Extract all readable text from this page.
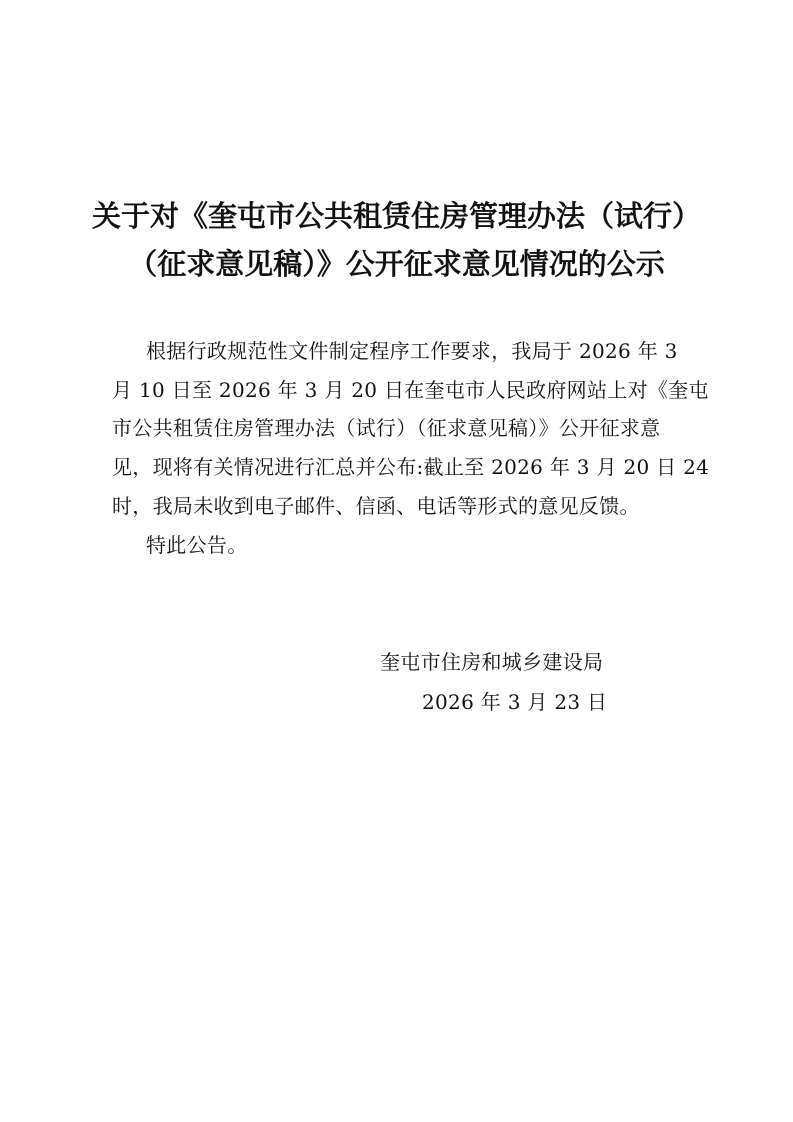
关于对《奎屯市公共租赁住房管理办法（试行）
（征求意见稿）》公开征求意见情况的公示
根据行政规范性文件制定程序工作要求，我局于 2026 年 3
月 10 日至 2026 年 3 月 20 日在奎屯市人民政府网站上对《奎屯
市公共租赁住房管理办法（试行）（征求意见稿）》公开征求意
见，现将有关情况进行汇总并公布:截止至 2026 年 3 月 20 日 24
时，我局未收到电子邮件、信函、电话等形式的意见反馈。
特此公告。
奎屯市住房和城乡建设局
2026 年 3 月 23 日
